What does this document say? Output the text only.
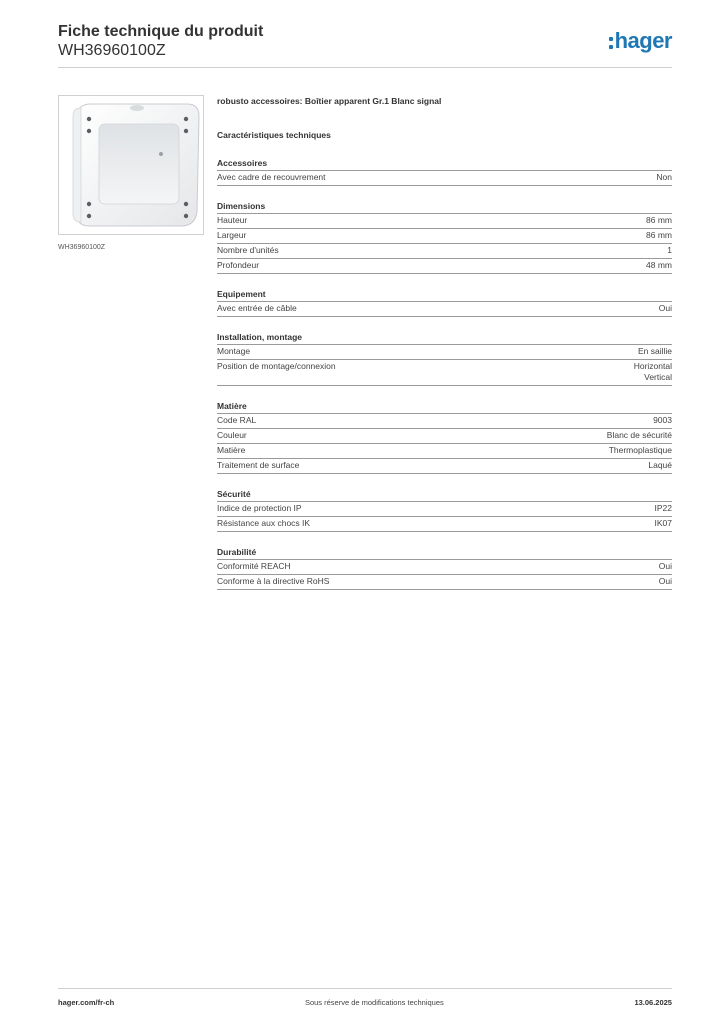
Fiche technique du produit
WH36960100Z	hager
WH36960100Z
robusto accessoires: Boîtier apparent Gr.1 Blanc signal
Caractéristiques techniques
Accessoires
Avec cadre de recouvrement	Non
Dimensions
Hauteur	86 mm
Largeur	86 mm
Nombre d'unités	1
Profondeur	48 mm
Equipement
Avec entrée de câble	Oui
Installation, montage
Montage	En saillie
Position de montage/connexion	Horizontal
Vertical
Matière
Code RAL	9003
Couleur	Blanc de sécurité
Matière	Thermoplastique
Traitement de surface	Laqué
Sécurité
Indice de protection IP	IP22
Résistance aux chocs IK	IK07
Durabilité
Conformité REACH	Oui
Conforme à la directive RoHS	Oui
hager.com/fr-ch	Sous réserve de modifications techniques	13.06.2025
